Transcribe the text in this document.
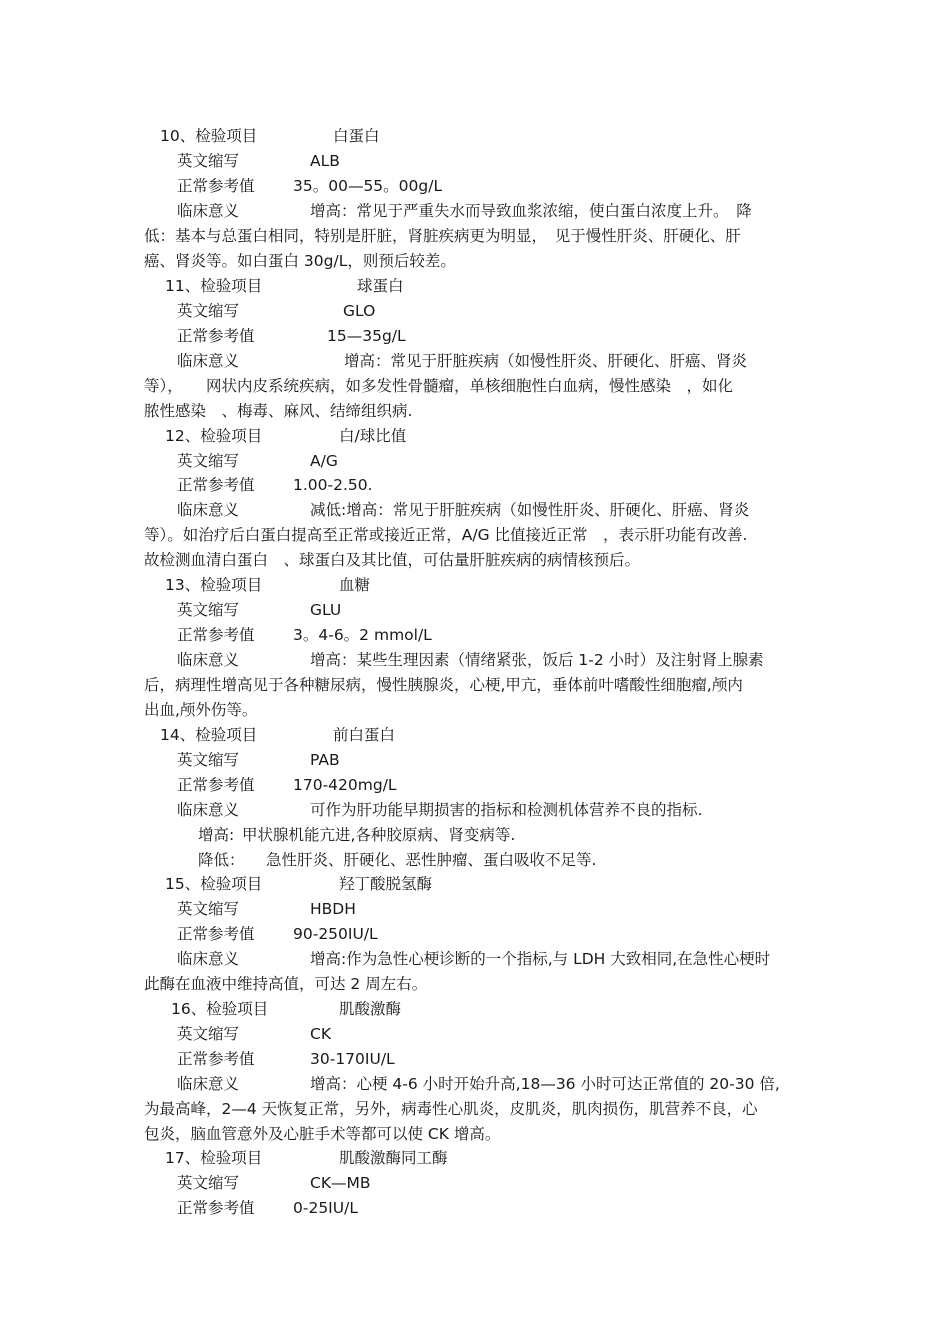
10、检验项目	白蛋白
英文缩写	ALB
正常参考值 35。00—55。00g/L
临床意义	增高：常见于严重失水而导致血浆浓缩，使白蛋白浓度上升。　降
低：基本与总蛋白相同，特别是肝脏，肾脏疾病更为明显，　见于慢性肝炎、肝硬化、肝
癌、肾炎等。如白蛋白 30g/L，则预后较差。
11、检验项目	球蛋白
英文缩写	GLO
正常参考值	15—35g/L
临床意义	增高：常见于肝脏疾病（如慢性肝炎、肝硬化、肝癌、肾炎
等），　　网状内皮系统疾病，如多发性骨髓瘤，单核细胞性白血病，慢性感染　，如化
脓性感染　、梅毒、麻风、结缔组织病.
12、检验项目	白/球比值
英文缩写	A/G
正常参考值 1.00-2.50.
临床意义	减低:增高：常见于肝脏疾病（如慢性肝炎、肝硬化、肝癌、肾炎
等）。如治疗后白蛋白提高至正常或接近正常，A/G 比值接近正常　，表示肝功能有改善.
故检测血清白蛋白　、球蛋白及其比值，可估量肝脏疾病的病情核预后。
13、检验项目	血糖
英文缩写	GLU
正常参考值 3。4-6。2 mmol/L
临床意义	增高：某些生理因素（情绪紧张，饭后 1-2 小时）及注射肾上腺素
后，病理性增高见于各种糖尿病，慢性胰腺炎，心梗,甲亢，垂体前叶嗜酸性细胞瘤,颅内
出血,颅外伤等。
14、检验项目	前白蛋白
英文缩写	PAB
正常参考值 170-420mg/L
临床意义	可作为肝功能早期损害的指标和检测机体营养不良的指标.
增高: 甲状腺机能亢进,各种胶原病、肾变病等.
降低： 急性肝炎、肝硬化、恶性肿瘤、蛋白吸收不足等.
15、检验项目	羟丁酸脱氢酶
英文缩写	HBDH
正常参考值 90-250IU/L
临床意义	增高:作为急性心梗诊断的一个指标,与 LDH 大致相同,在急性心梗时
此酶在血液中维持高值，可达 2 周左右。
16、检验项目	肌酸激酶
英文缩写	CK
正常参考值	30-170IU/L
临床意义	增高：心梗 4-6 小时开始升高,18—36 小时可达正常值的 20-30 倍,
为最高峰，2—4 天恢复正常，另外，病毒性心肌炎，皮肌炎，肌肉损伤，肌营养不良，心
包炎，脑血管意外及心脏手术等都可以使 CK 增高。
17、检验项目	肌酸激酶同工酶
英文缩写	CK—MB
正常参考值 0-25IU/L
